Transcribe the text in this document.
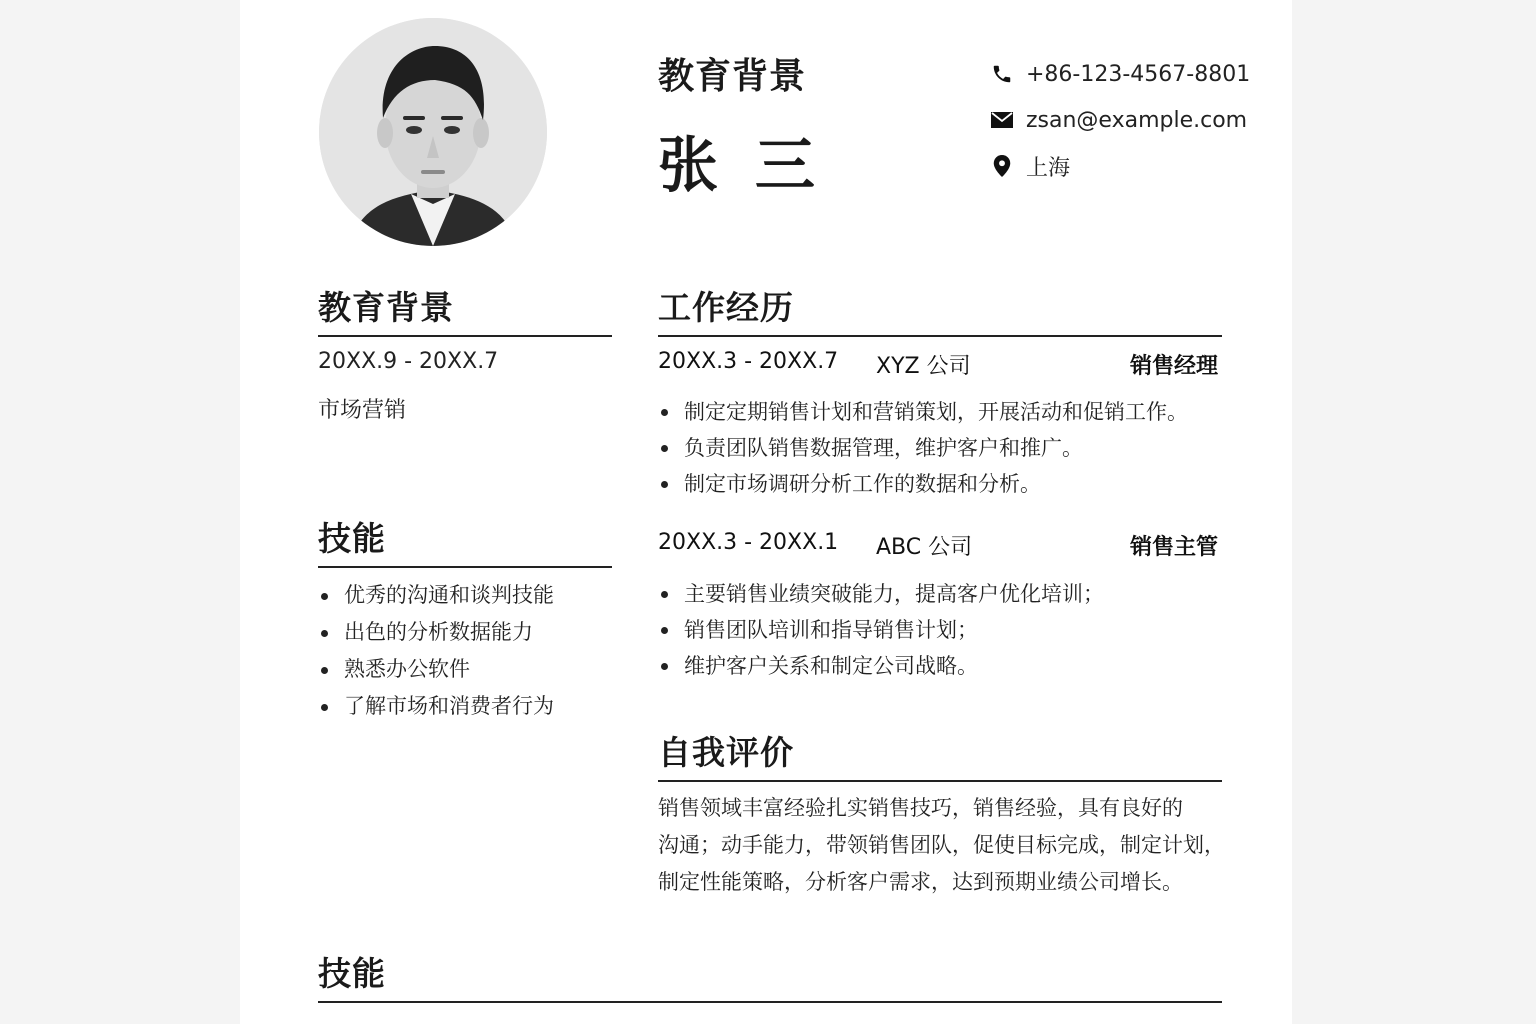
教育背景
张 三
+86-123-4567-8801
zsan@example.com
上海
教育背景
20XX.9 - 20XX.7
市场营销
技能
优秀的沟通和谈判技能
出色的分析数据能力
熟悉办公软件
了解市场和消费者行为
工作经历
20XX.3 - 20XX.7 XYZ 公司	销售经理
制定定期销售计划和营销策划，开展活动和促销工作。
负责团队销售数据管理，维护客户和推广。
制定市场调研分析工作的数据和分析。
20XX.3 - 20XX.1 ABC 公司	销售主管
主要销售业绩突破能力，提高客户优化培训；
销售团队培训和指导销售计划；
维护客户关系和制定公司战略。
自我评价
销售领域丰富经验扎实销售技巧，销售经验，具有良好的
沟通；动手能力，带领销售团队，促使目标完成，制定计划，
制定性能策略，分析客户需求，达到预期业绩公司增长。
技能
